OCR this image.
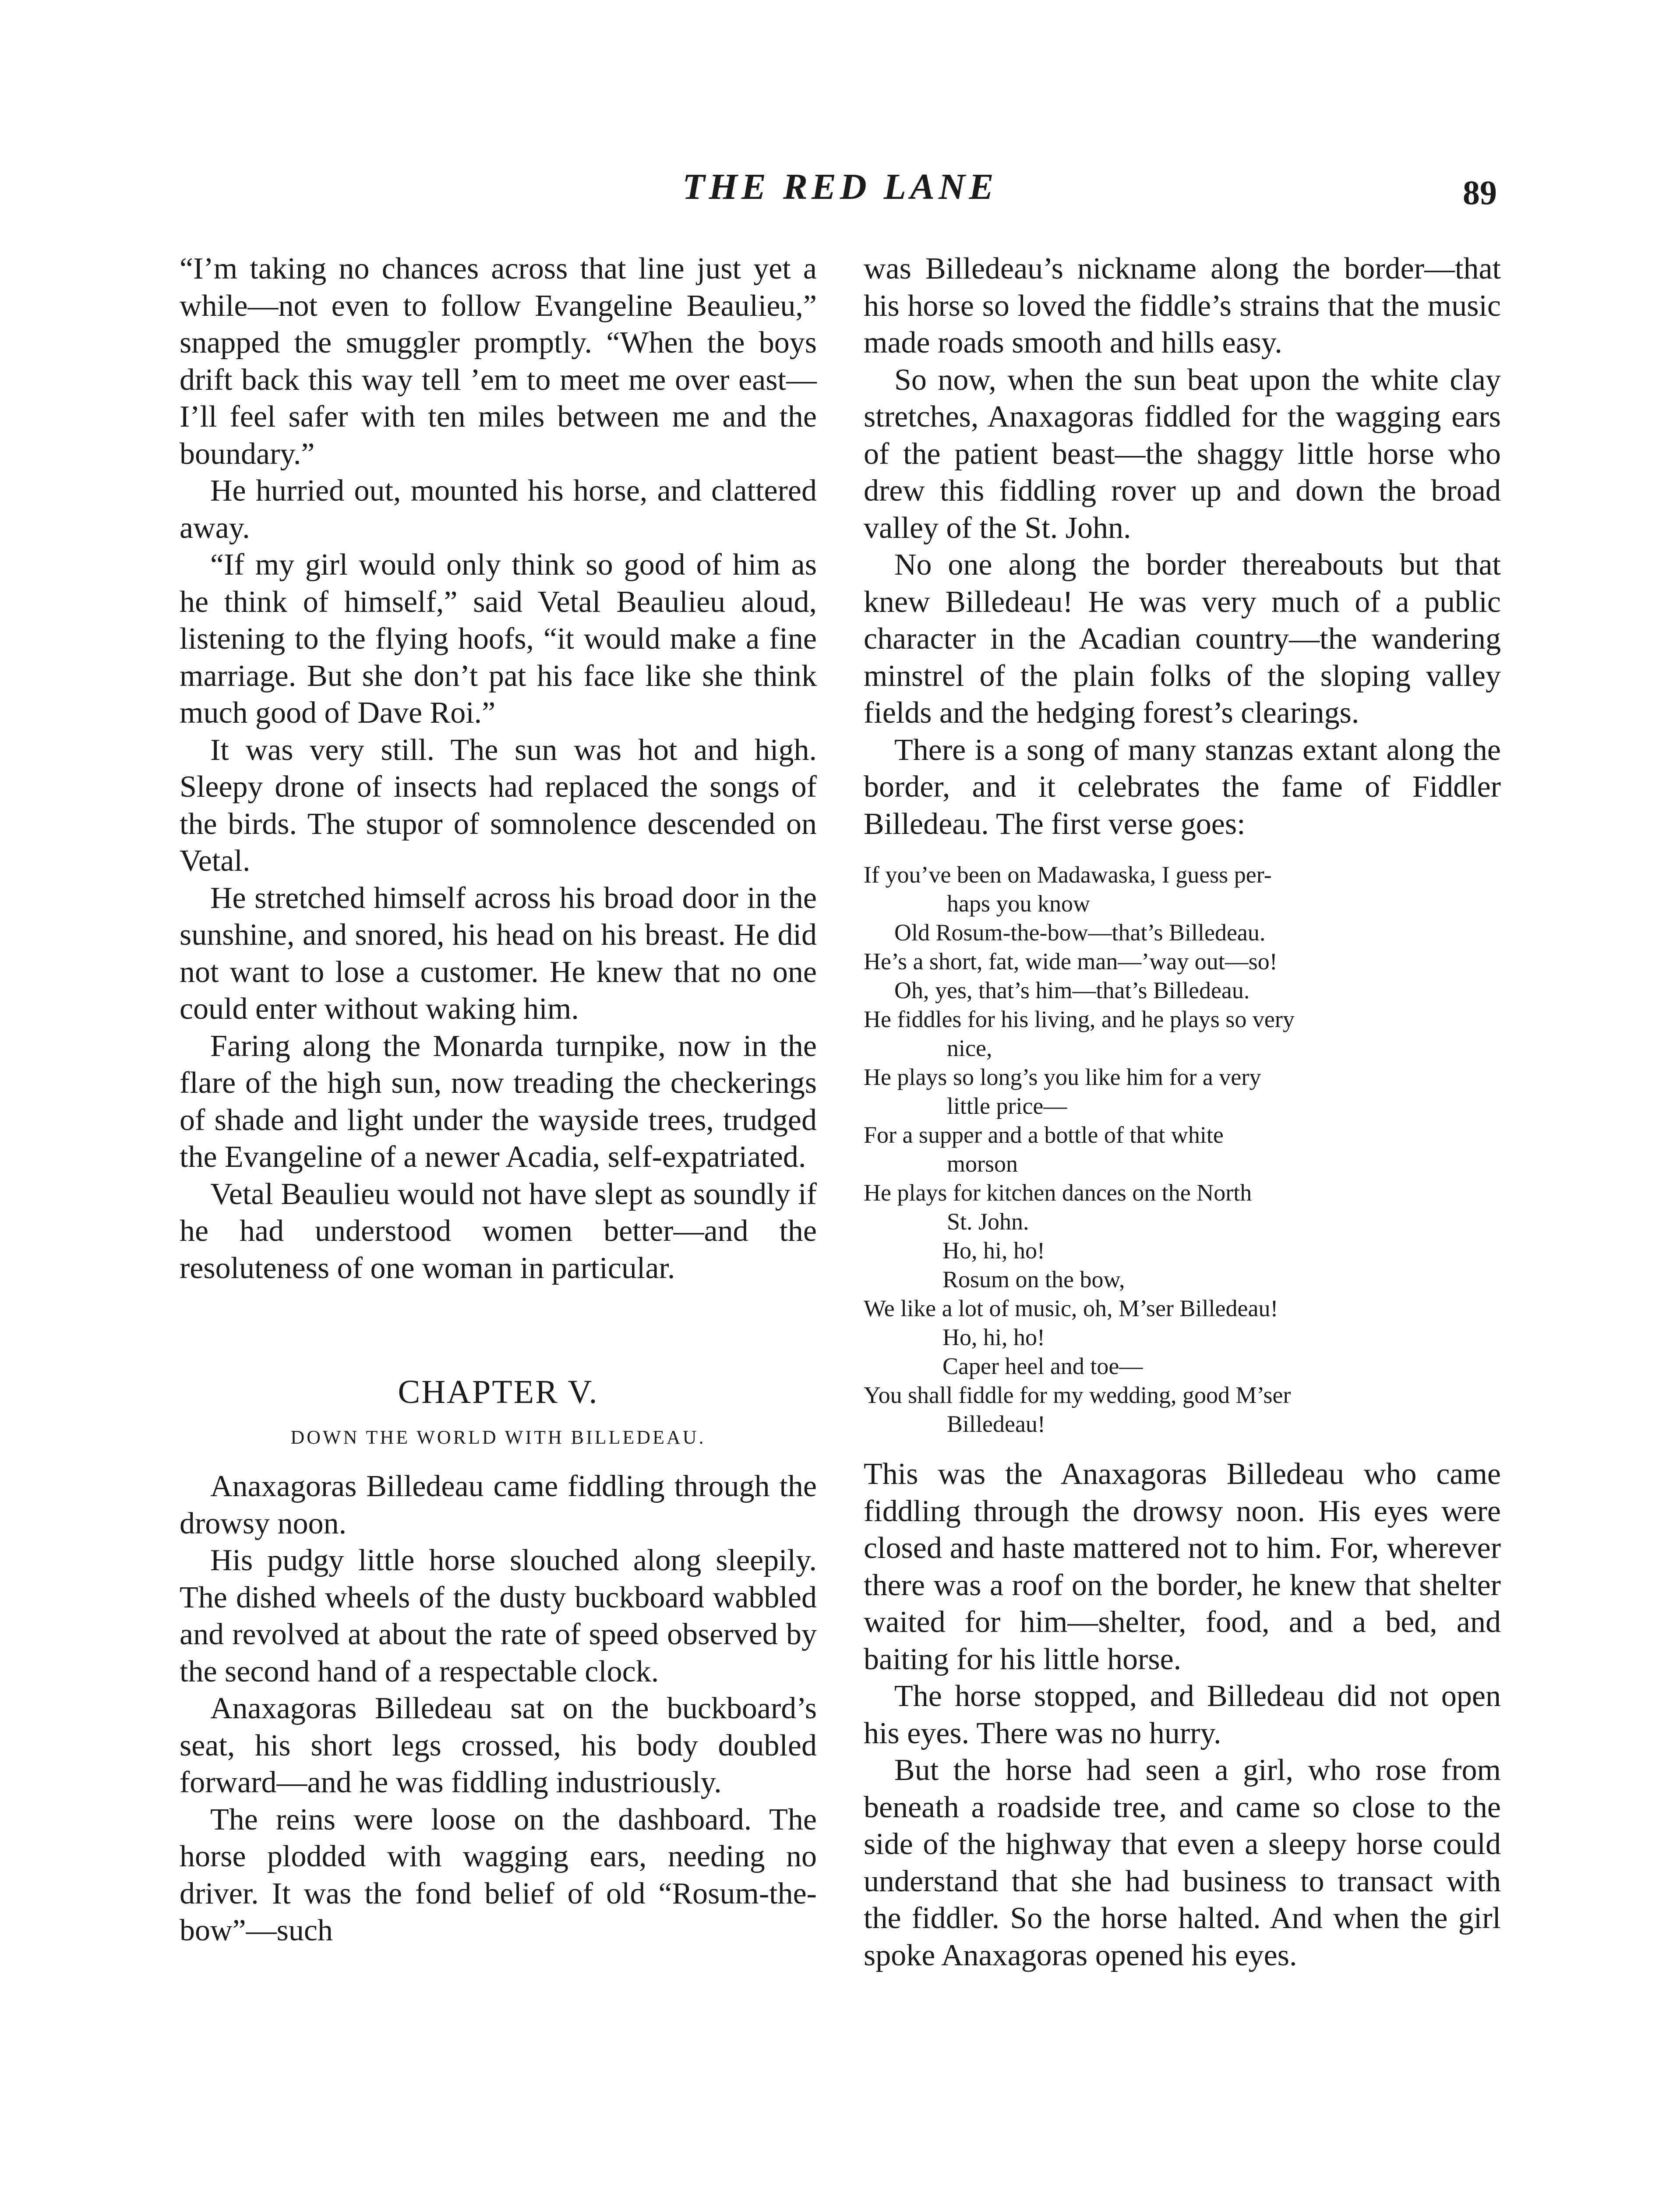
THE RED LANE	89

“I’m taking no chances across that line just yet a while—not even to follow Evangeline Beaulieu,” snapped the smuggler promptly. “When the boys drift back this way tell ’em to meet me over east—I’ll feel safer with ten miles between me and the boundary.”

He hurried out, mounted his horse, and clattered away.

“If my girl would only think so good of him as he think of himself,” said Vetal Beaulieu aloud, listening to the flying hoofs, “it would make a fine marriage. But she don’t pat his face like she think much good of Dave Roi.”

It was very still. The sun was hot and high. Sleepy drone of insects had replaced the songs of the birds. The stupor of somnolence descended on Vetal.

He stretched himself across his broad door in the sunshine, and snored, his head on his breast. He did not want to lose a customer. He knew that no one could enter without waking him.

Faring along the Monarda turnpike, now in the flare of the high sun, now treading the checkerings of shade and light under the wayside trees, trudged the Evangeline of a newer Acadia, self-expatriated.

Vetal Beaulieu would not have slept as soundly if he had understood women better—and the resoluteness of one woman in particular.

CHAPTER V.
DOWN THE WORLD WITH BILLEDEAU.

Anaxagoras Billedeau came fiddling through the drowsy noon.

His pudgy little horse slouched along sleepily. The dished wheels of the dusty buckboard wabbled and revolved at about the rate of speed observed by the second hand of a respectable clock.

Anaxagoras Billedeau sat on the buckboard’s seat, his short legs crossed, his body doubled forward—and he was fiddling industriously.

The reins were loose on the dashboard. The horse plodded with wagging ears, needing no driver. It was the fond belief of old “Rosum-the-bow”—such

was Billedeau’s nickname along the border—that his horse so loved the fiddle’s strains that the music made roads smooth and hills easy.

So now, when the sun beat upon the white clay stretches, Anaxagoras fiddled for the wagging ears of the patient beast—the shaggy little horse who drew this fiddling rover up and down the broad valley of the St. John.

No one along the border thereabouts but that knew Billedeau! He was very much of a public character in the Acadian country—the wandering minstrel of the plain folks of the sloping valley fields and the hedging forest’s clearings.

There is a song of many stanzas extant along the border, and it celebrates the fame of Fiddler Billedeau. The first verse goes:

If you’ve been on Madawaska, I guess per-
haps you know
Old Rosum-the-bow—that’s Billedeau.
He’s a short, fat, wide man—’way out—so!
Oh, yes, that’s him—that’s Billedeau.
He fiddles for his living, and he plays so very
nice,
He plays so long’s you like him for a very
little price—
For a supper and a bottle of that white
morson
He plays for kitchen dances on the North
St. John.
Ho, hi, ho!
Rosum on the bow,
We like a lot of music, oh, M’ser Billedeau!
Ho, hi, ho!
Caper heel and toe—
You shall fiddle for my wedding, good M’ser
Billedeau!

This was the Anaxagoras Billedeau who came fiddling through the drowsy noon. His eyes were closed and haste mattered not to him. For, wherever there was a roof on the border, he knew that shelter waited for him—shelter, food, and a bed, and baiting for his little horse.

The horse stopped, and Billedeau did not open his eyes. There was no hurry.

But the horse had seen a girl, who rose from beneath a roadside tree, and came so close to the side of the highway that even a sleepy horse could understand that she had business to transact with the fiddler. So the horse halted. And when the girl spoke Anaxagoras opened his eyes.
